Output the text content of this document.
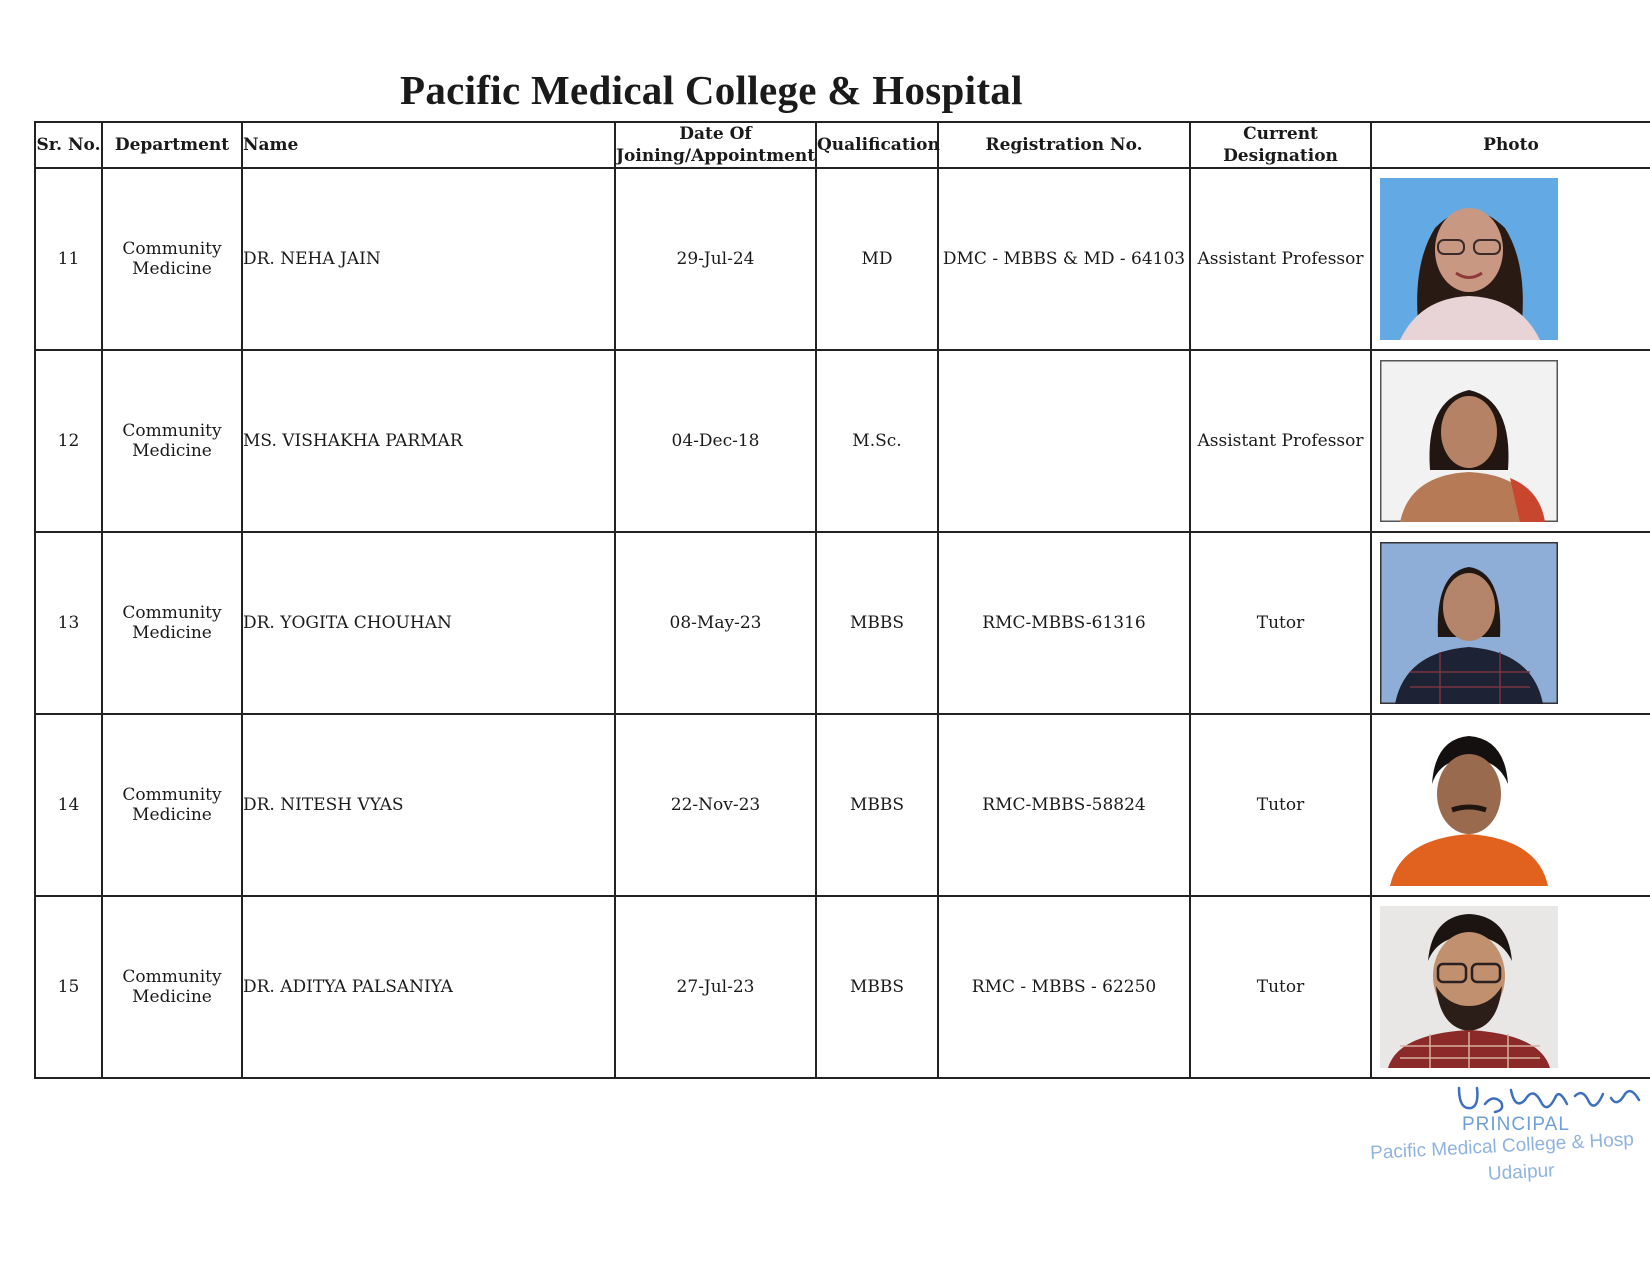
Pacific Medical College & Hospital
Sr. No.	Department	Name	Date Of Joining/Appointment	Qualification	Registration No.	Current Designation	Photo
11	Community Medicine	DR. NEHA JAIN	29-Jul-24	MD	DMC - MBBS & MD - 64103	Assistant Professor	

12	Community Medicine	MS. VISHAKHA PARMAR	04-Dec-18	M.Sc.		Assistant Professor	

13	Community Medicine	DR. YOGITA CHOUHAN	08-May-23	MBBS	RMC-MBBS-61316	Tutor	

14	Community Medicine	DR. NITESH VYAS	22-Nov-23	MBBS	RMC-MBBS-58824	Tutor	

15	Community Medicine	DR. ADITYA PALSANIYA	27-Jul-23	MBBS	RMC - MBBS - 62250	Tutor	
PRINCIPAL
Pacific Medical College & Hosp
Udaipur
